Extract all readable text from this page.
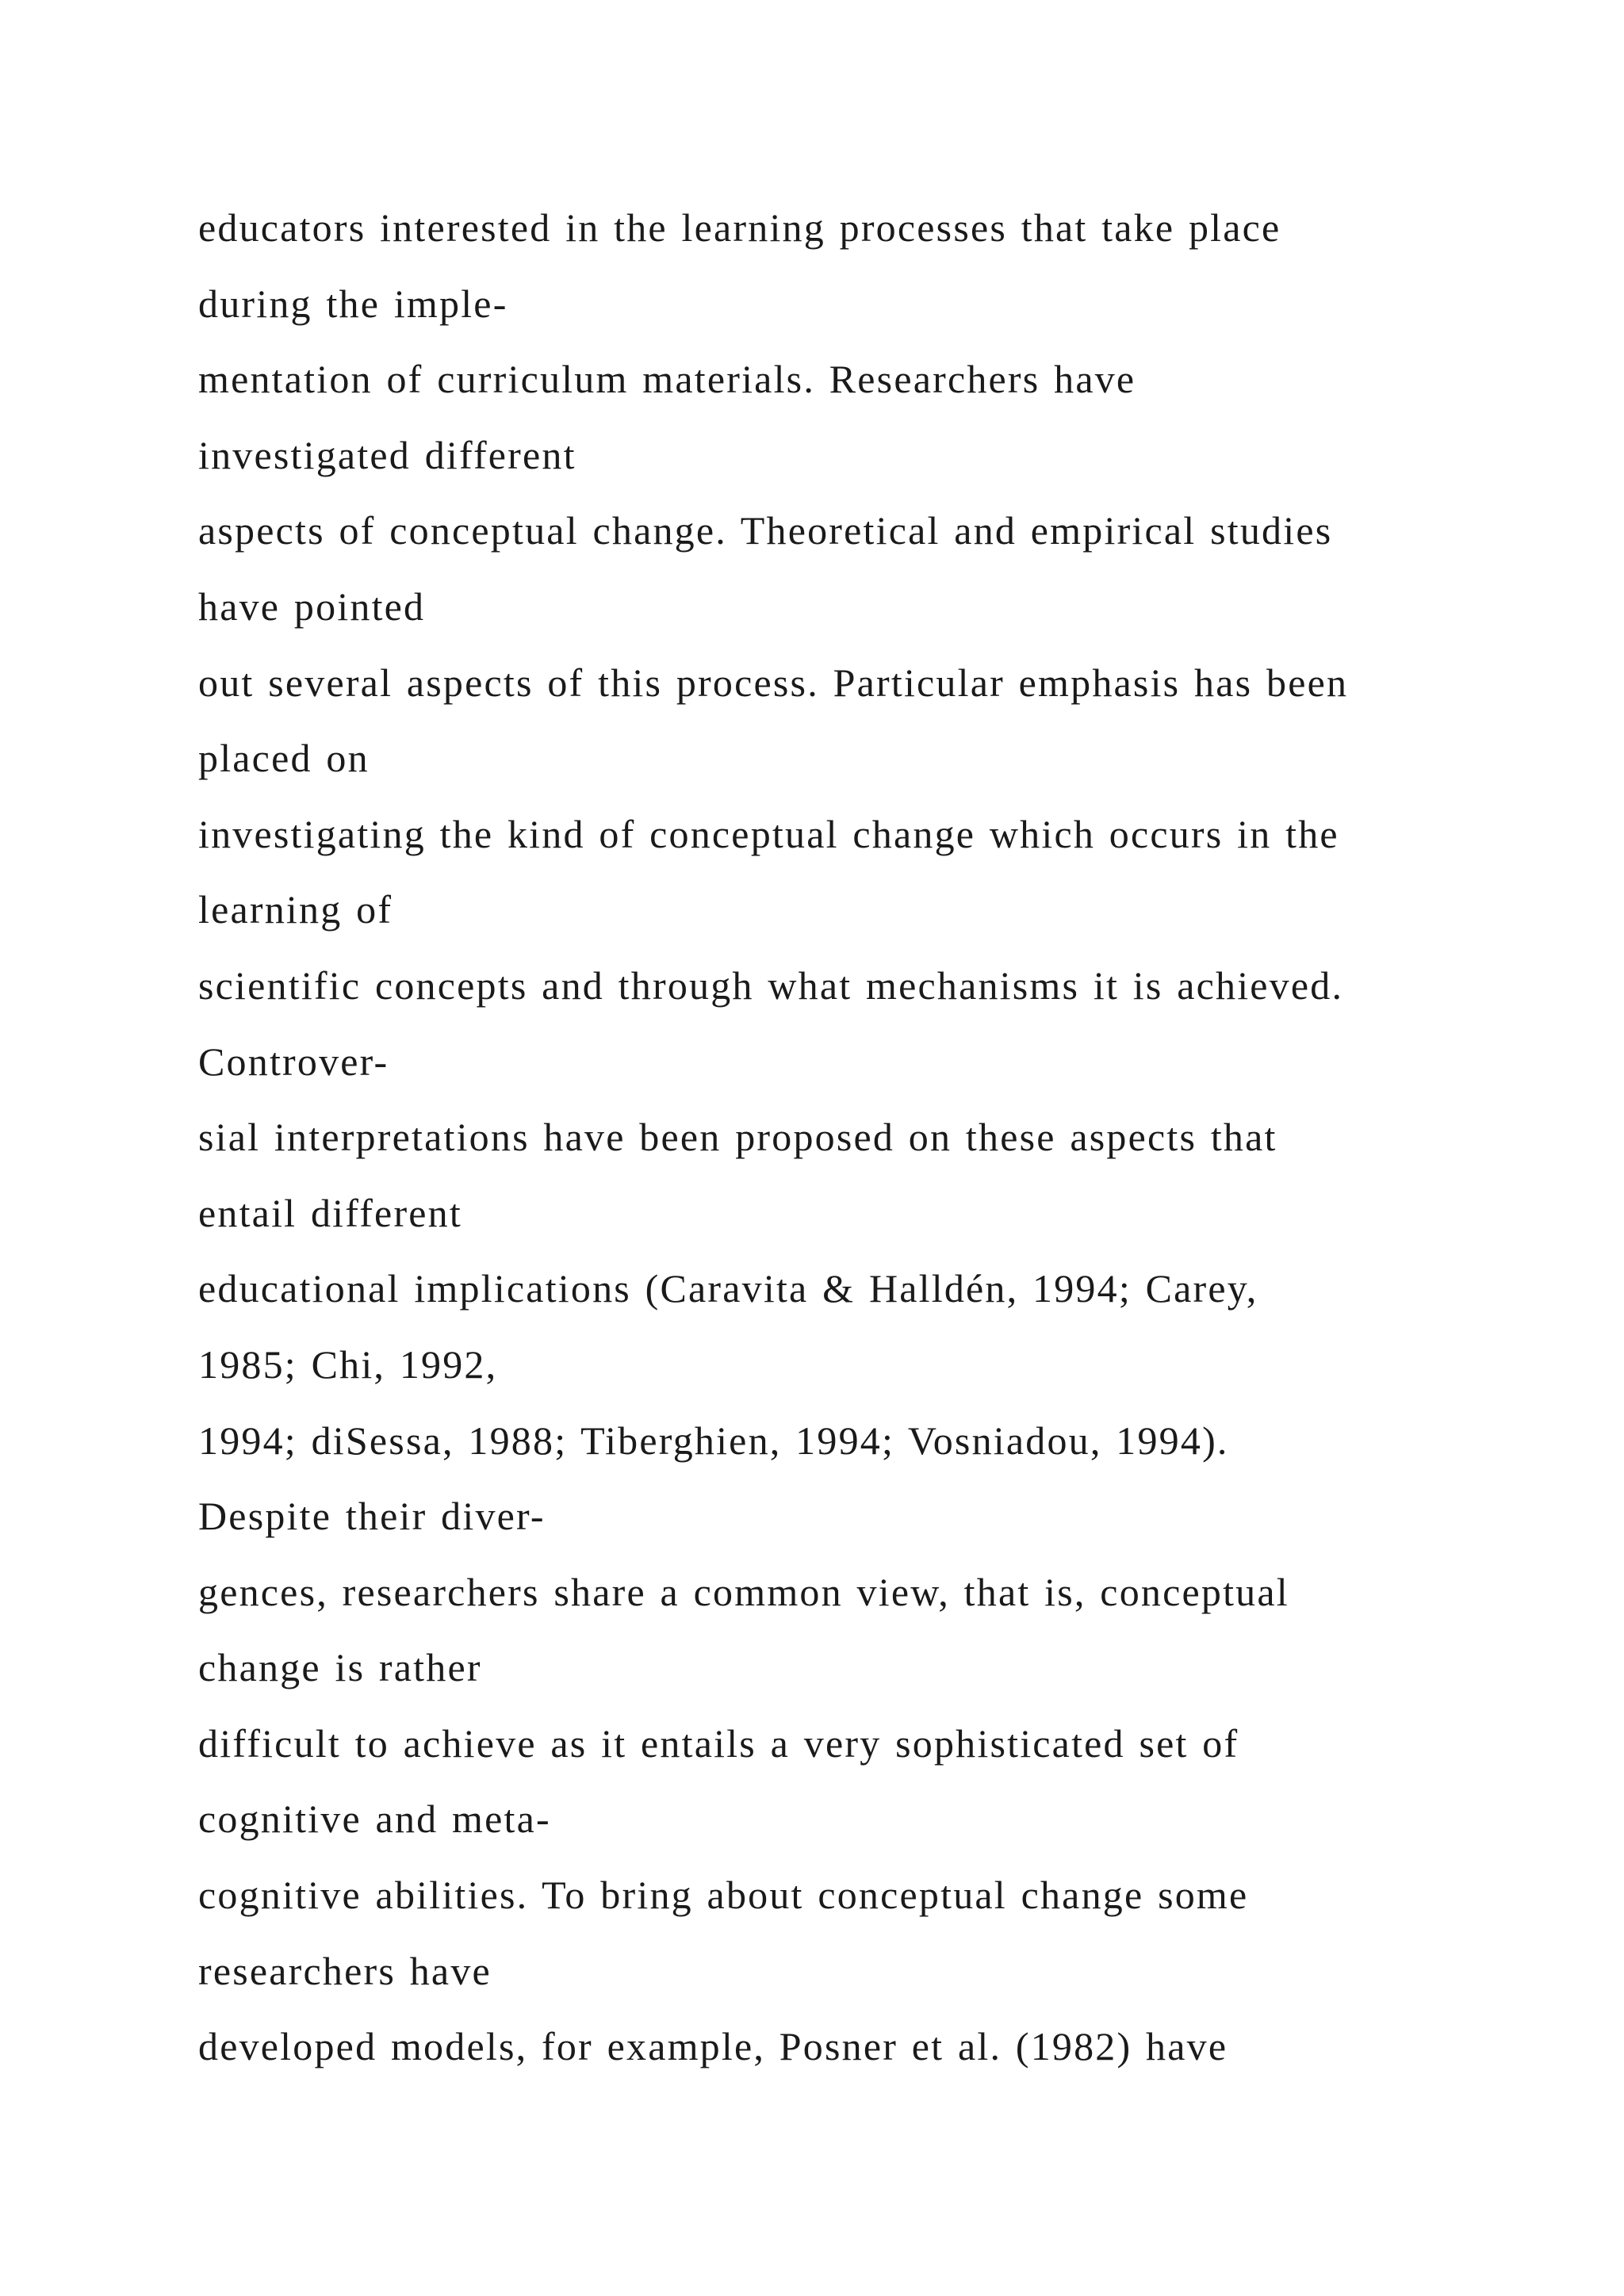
educators interested in the learning processes that take place
during the imple-
mentation of curriculum materials. Researchers have
investigated different
aspects of conceptual change. Theoretical and empirical studies
have pointed
out several aspects of this process. Particular emphasis has been
placed on
investigating the kind of conceptual change which occurs in the
learning of
scientific concepts and through what mechanisms it is achieved.
Controver-
sial interpretations have been proposed on these aspects that
entail different
educational implications (Caravita & Halldén, 1994; Carey,
1985; Chi, 1992,
1994; diSessa, 1988; Tiberghien, 1994; Vosniadou, 1994).
Despite their diver-
gences, researchers share a common view, that is, conceptual
change is rather
difficult to achieve as it entails a very sophisticated set of
cognitive and meta-
cognitive abilities. To bring about conceptual change some
researchers have
developed models, for example, Posner et al. (1982) have
